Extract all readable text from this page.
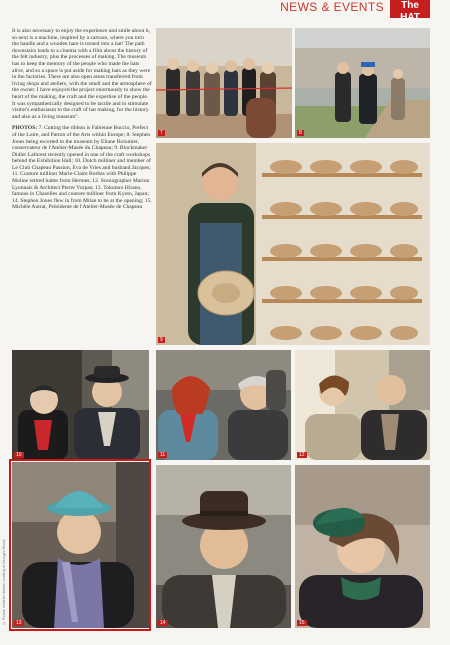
NEWS & EVENTS	The HAT
magazine

It is also necessary to enjoy the experience and smile about it, so next is a machine, inspired by a cartoon, where you turn the handle and a wooden hare is turned into a hat! The path downstairs leads to a cinema with a film about the history of the felt industry, plus the processes of making. The museum has to keep the memory of the people who made the hats alive, and so a space is put aside for making hats as they were in the factories. There are also open areas transferred from living shops and ateliers, with the smell and the atmosphere of the owner. I have enjoyed the project enormously to show the heart of the making, the craft and the expertise of the people. It was sympathetically designed to be tactile and to stimulate visitor's enthusiasm to the craft of hat making, for the history and also as a living museum".

PHOTOS: 7. Cutting the ribbon is Fabienne Buccio, Prefect of the Loire, and Patron of the Arts within Europe; 8. Stephen Jones being escorted to the museum by Eliane Bolomier, conservateur de l'Atelier-Musée du Chapeau; 9. Blockmaker Didier Laforest recently opened in one of the craft workshops behind the Exhibition Hall; 10. Dutch milliner and member of Le Club Chapeau Passion, Eva de Vries and husband Jacques; 11. Couture milliner Marie-Claire Borbas with Philippe Moline retired hatter from Hermes; 12. Scenographer Marion Lyonnais & Architect Pierre Vurpas; 13. Tokutaro Hirano, famous in Chazelles and couture milliner from Kyoto, Japan; 14. Stephen Jones flew in from Milan to be at the opening; 15. Michèle Autrat, Présidente de l'Atelier-Musée de Chapeau

7	8
9
10	11	12
13	14	15
© Picture of Atelier-Musée courtesy of Georges Rivory
